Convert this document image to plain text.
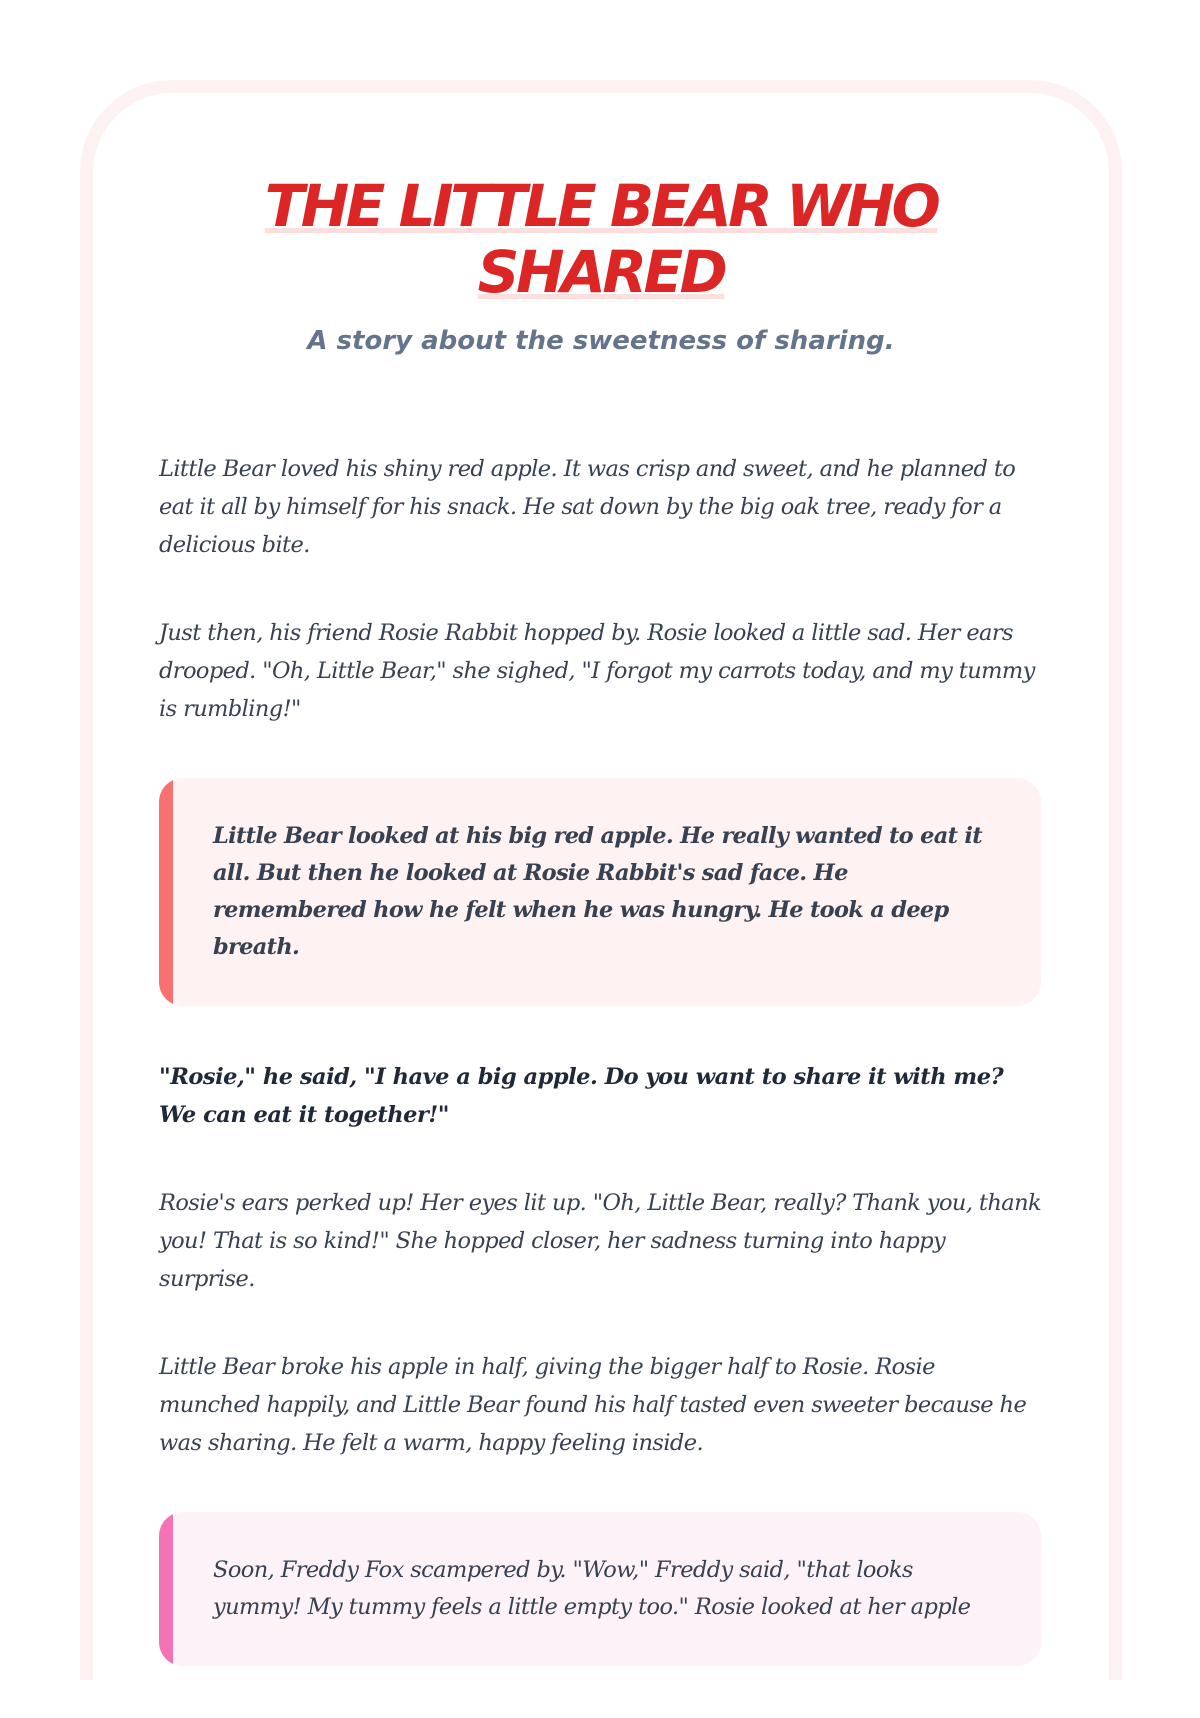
THE LITTLE BEAR WHO SHARED

A story about the sweetness of sharing.

Little Bear loved his shiny red apple. It was crisp and sweet, and he planned to eat it all by himself for his snack. He sat down by the big oak tree, ready for a delicious bite.

Just then, his friend Rosie Rabbit hopped by. Rosie looked a little sad. Her ears drooped. "Oh, Little Bear," she sighed, "I forgot my carrots today, and my tummy is rumbling!"

Little Bear looked at his big red apple. He really wanted to eat it all. But then he looked at Rosie Rabbit's sad face. He remembered how he felt when he was hungry. He took a deep breath.

"Rosie," he said, "I have a big apple. Do you want to share it with me? We can eat it together!"

Rosie's ears perked up! Her eyes lit up. "Oh, Little Bear, really? Thank you, thank you! That is so kind!" She hopped closer, her sadness turning into happy surprise.

Little Bear broke his apple in half, giving the bigger half to Rosie. Rosie munched happily, and Little Bear found his half tasted even sweeter because he was sharing. He felt a warm, happy feeling inside.

Soon, Freddy Fox scampered by. "Wow," Freddy said, "that looks yummy! My tummy feels a little empty too." Rosie looked at her apple
